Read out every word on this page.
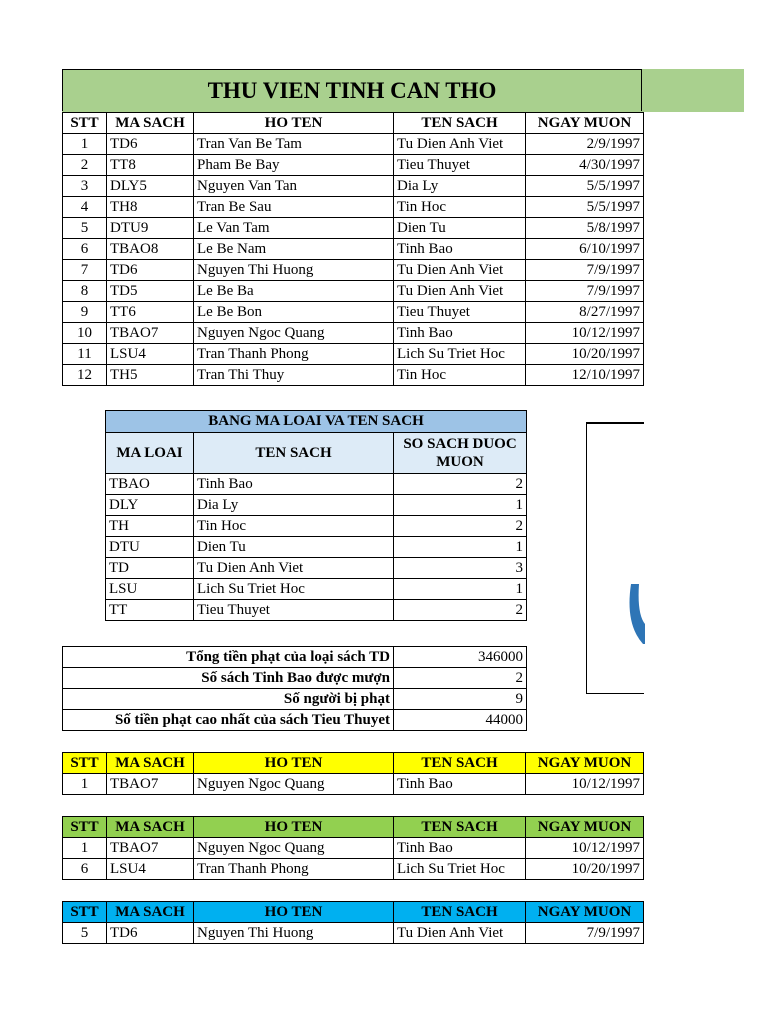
THU VIEN TINH CAN THO
STT	MA SACH	HO TEN	TEN SACH	NGAY MUON
1	TD6	Tran Van Be Tam	Tu Dien Anh Viet	2/9/1997
2	TT8	Pham Be Bay	Tieu Thuyet	4/30/1997
3	DLY5	Nguyen Van Tan	Dia Ly	5/5/1997
4	TH8	Tran Be Sau	Tin Hoc	5/5/1997
5	DTU9	Le Van Tam	Dien Tu	5/8/1997
6	TBAO8	Le Be Nam	Tinh Bao	6/10/1997
7	TD6	Nguyen Thi Huong	Tu Dien Anh Viet	7/9/1997
8	TD5	Le Be Ba	Tu Dien Anh Viet	7/9/1997
9	TT6	Le Be Bon	Tieu Thuyet	8/27/1997
10	TBAO7	Nguyen Ngoc Quang	Tinh Bao	10/12/1997
11	LSU4	Tran Thanh Phong	Lich Su Triet Hoc	10/20/1997
12	TH5	Tran Thi Thuy	Tin Hoc	12/10/1997
BANG MA LOAI VA TEN SACH		
MA LOAI	TEN SACH	SO SACH DUOC MUON
TBAO	Tinh Bao	2
DLY	Dia Ly	1
TH	Tin Hoc	2
DTU	Dien Tu	1
TD	Tu Dien Anh Viet	3
LSU	Lich Su Triet Hoc	1
TT	Tieu Thuyet	2
Tổng tiền phạt của loại sách TD	346000
Số sách Tinh Bao được mượn	2
Số người bị phạt	9
Số tiền phạt cao nhất của sách Tieu Thuyet	44000
STT	MA SACH	HO TEN	TEN SACH	NGAY MUON
1	TBAO7	Nguyen Ngoc Quang	Tinh Bao	10/12/1997
STT	MA SACH	HO TEN	TEN SACH	NGAY MUON
1	TBAO7	Nguyen Ngoc Quang	Tinh Bao	10/12/1997
6	LSU4	Tran Thanh Phong	Lich Su Triet Hoc	10/20/1997
STT	MA SACH	HO TEN	TEN SACH	NGAY MUON
5	TD6	Nguyen Thi Huong	Tu Dien Anh Viet	7/9/1997
